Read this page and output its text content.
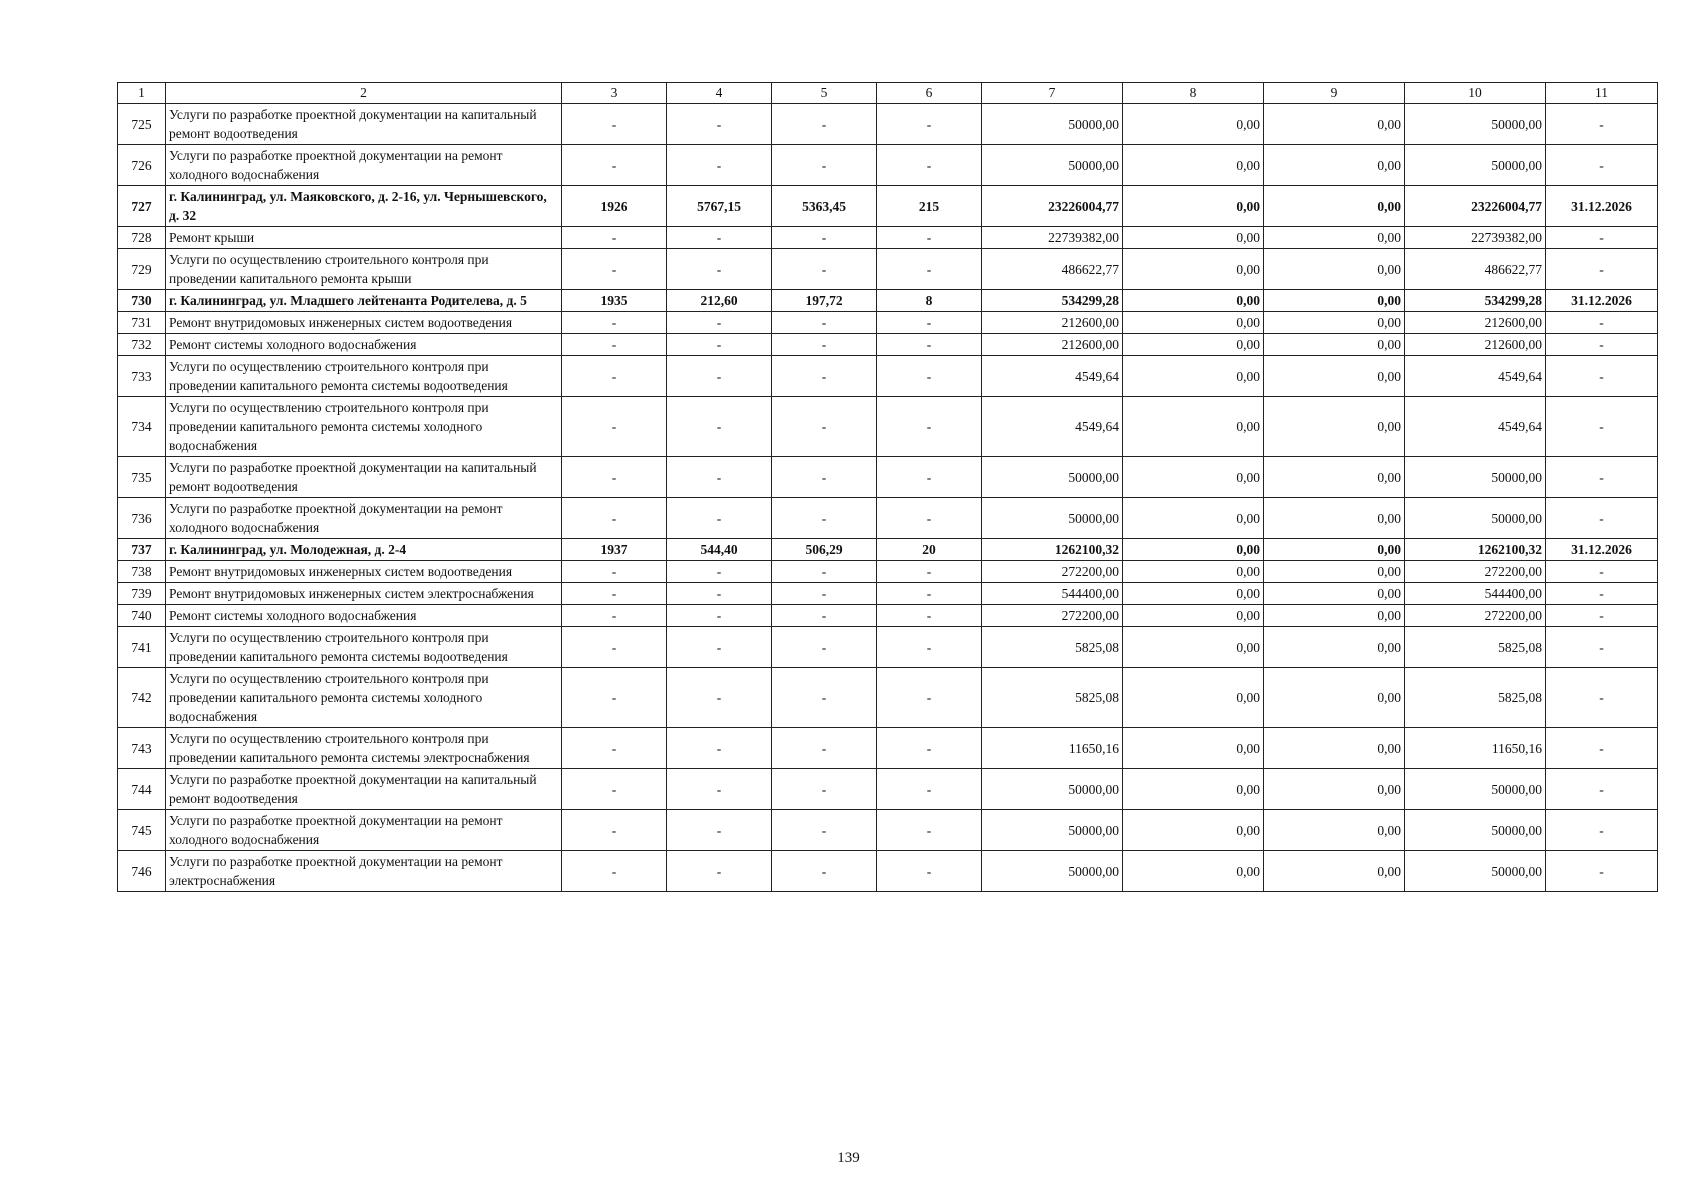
1	2	3	4	5	6	7	8	9	10	11
725	Услуги по разработке проектной документации на капитальный ремонт водоотведения	-	-	-	-	50000,00	0,00	0,00	50000,00	-
726	Услуги по разработке проектной документации на ремонт холодного водоснабжения	-	-	-	-	50000,00	0,00	0,00	50000,00	-
727	г. Калининград, ул. Маяковского, д. 2-16, ул. Чернышевского, д. 32	1926	5767,15	5363,45	215	23226004,77	0,00	0,00	23226004,77	31.12.2026
728	Ремонт крыши	-	-	-	-	22739382,00	0,00	0,00	22739382,00	-
729	Услуги по осуществлению строительного контроля при проведении капитального ремонта крыши	-	-	-	-	486622,77	0,00	0,00	486622,77	-
730	г. Калининград, ул. Младшего лейтенанта Родителева, д. 5	1935	212,60	197,72	8	534299,28	0,00	0,00	534299,28	31.12.2026
731	Ремонт внутридомовых инженерных систем водоотведения	-	-	-	-	212600,00	0,00	0,00	212600,00	-
732	Ремонт системы холодного водоснабжения	-	-	-	-	212600,00	0,00	0,00	212600,00	-
733	Услуги по осуществлению строительного контроля при проведении капитального ремонта системы водоотведения	-	-	-	-	4549,64	0,00	0,00	4549,64	-
734	Услуги по осуществлению строительного контроля при проведении капитального ремонта системы холодного водоснабжения	-	-	-	-	4549,64	0,00	0,00	4549,64	-
735	Услуги по разработке проектной документации на капитальный ремонт водоотведения	-	-	-	-	50000,00	0,00	0,00	50000,00	-
736	Услуги по разработке проектной документации на ремонт холодного водоснабжения	-	-	-	-	50000,00	0,00	0,00	50000,00	-
737	г. Калининград, ул. Молодежная, д. 2-4	1937	544,40	506,29	20	1262100,32	0,00	0,00	1262100,32	31.12.2026
738	Ремонт внутридомовых инженерных систем водоотведения	-	-	-	-	272200,00	0,00	0,00	272200,00	-
739	Ремонт внутридомовых инженерных систем электроснабжения	-	-	-	-	544400,00	0,00	0,00	544400,00	-
740	Ремонт системы холодного водоснабжения	-	-	-	-	272200,00	0,00	0,00	272200,00	-
741	Услуги по осуществлению строительного контроля при проведении капитального ремонта системы водоотведения	-	-	-	-	5825,08	0,00	0,00	5825,08	-
742	Услуги по осуществлению строительного контроля при проведении капитального ремонта системы холодного водоснабжения	-	-	-	-	5825,08	0,00	0,00	5825,08	-
743	Услуги по осуществлению строительного контроля при проведении капитального ремонта системы электроснабжения	-	-	-	-	11650,16	0,00	0,00	11650,16	-
744	Услуги по разработке проектной документации на капитальный ремонт водоотведения	-	-	-	-	50000,00	0,00	0,00	50000,00	-
745	Услуги по разработке проектной документации на ремонт холодного водоснабжения	-	-	-	-	50000,00	0,00	0,00	50000,00	-
746	Услуги по разработке проектной документации на ремонт электроснабжения	-	-	-	-	50000,00	0,00	0,00	50000,00	-
139
